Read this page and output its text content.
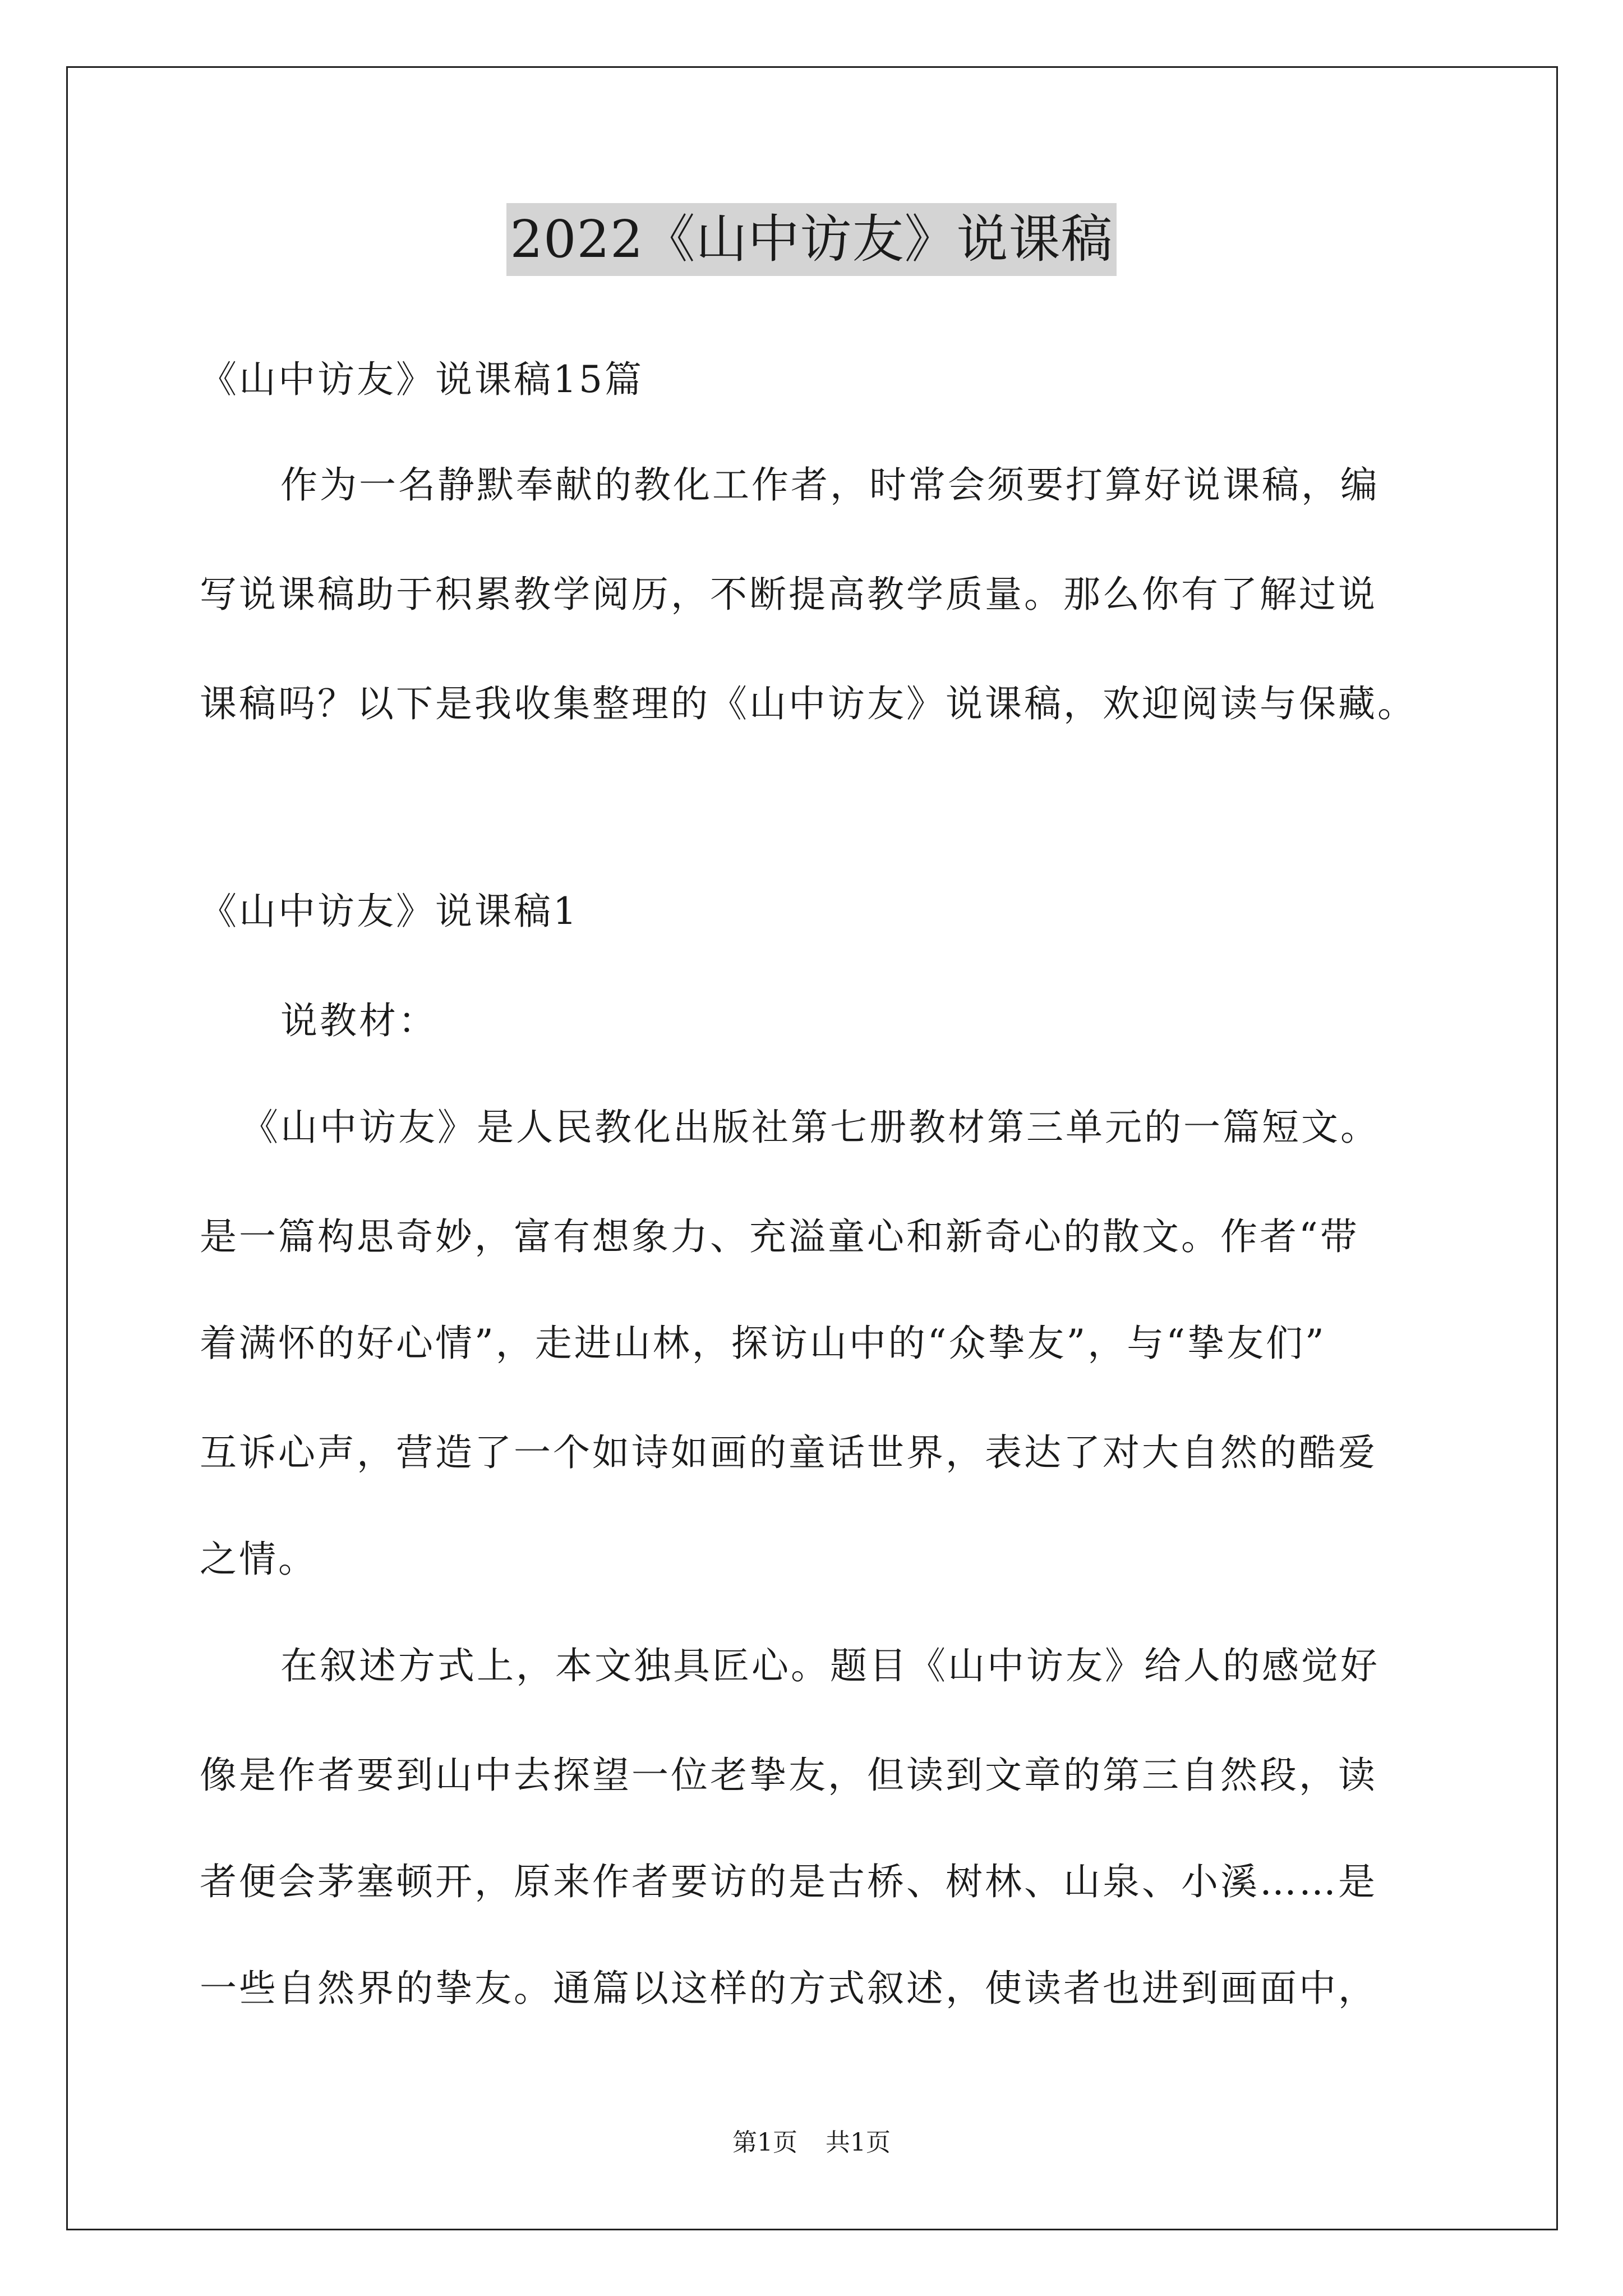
2022《山中访友》说课稿
《山中访友》说课稿15篇
作为一名静默奉献的教化工作者，时常会须要打算好说课稿，编
写说课稿助于积累教学阅历，不断提高教学质量。那么你有了解过说
课稿吗？以下是我收集整理的《山中访友》说课稿，欢迎阅读与保藏。
《山中访友》说课稿1
说教材：
《山中访友》是人民教化出版社第七册教材第三单元的一篇短文。
是一篇构思奇妙，富有想象力、充溢童心和新奇心的散文。作者“带
着满怀的好心情”，走进山林，探访山中的“众挚友”，与“挚友们”
互诉心声，营造了一个如诗如画的童话世界，表达了对大自然的酷爱
之情。
在叙述方式上，本文独具匠心。题目《山中访友》给人的感觉好
像是作者要到山中去探望一位老挚友，但读到文章的第三自然段，读
者便会茅塞顿开，原来作者要访的是古桥、树林、山泉、小溪……是
一些自然界的挚友。通篇以这样的方式叙述，使读者也进到画面中，
第1页 共1页
